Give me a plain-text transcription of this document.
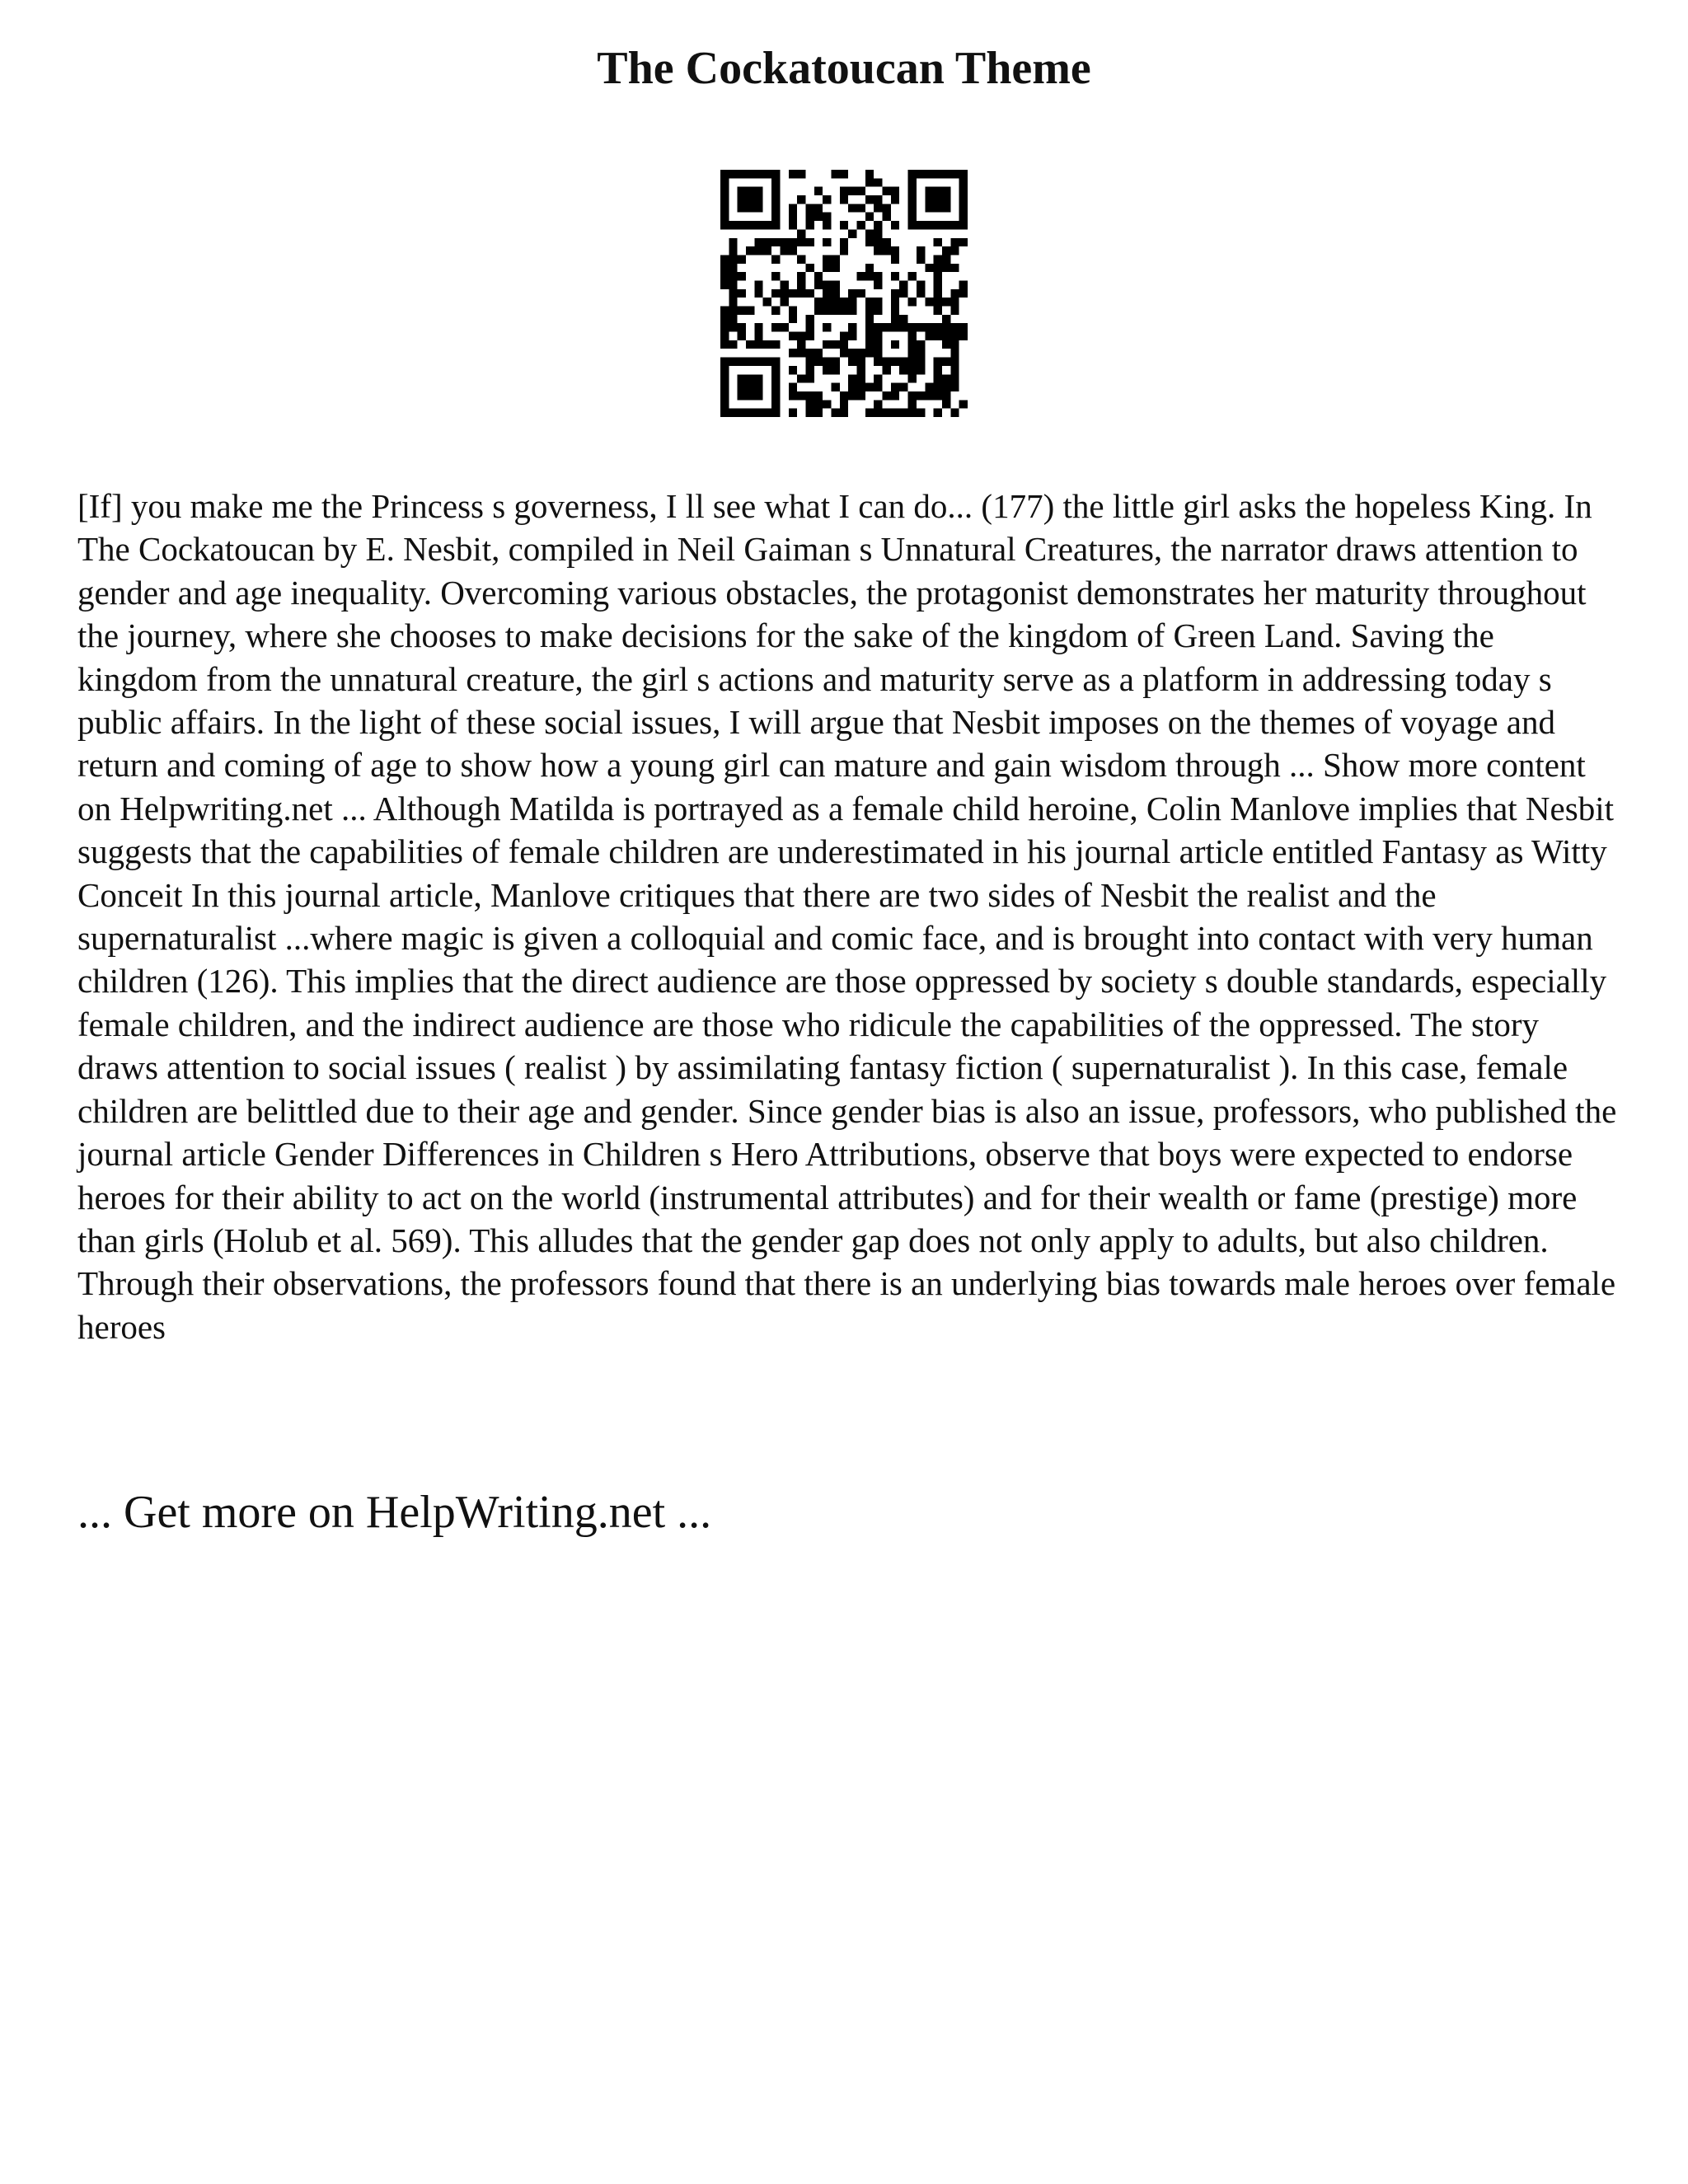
The Cockatoucan Theme

[If] you make me the Princess s governess, I ll see what I can do... (177) the little girl asks the hopeless King. In The Cockatoucan by E. Nesbit, compiled in Neil Gaiman s Unnatural Creatures, the narrator draws attention to gender and age inequality. Overcoming various obstacles, the protagonist demonstrates her maturity throughout the journey, where she chooses to make decisions for the sake of the kingdom of Green Land. Saving the kingdom from the unnatural creature, the girl s actions and maturity serve as a platform in addressing today s public affairs. In the light of these social issues, I will argue that Nesbit imposes on the themes of voyage and return and coming of age to show how a young girl can mature and gain wisdom through ... Show more content on Helpwriting.net ... Although Matilda is portrayed as a female child heroine, Colin Manlove implies that Nesbit suggests that the capabilities of female children are underestimated in his journal article entitled Fantasy as Witty Conceit In this journal article, Manlove critiques that there are two sides of Nesbit the realist and the supernaturalist ...where magic is given a colloquial and comic face, and is brought into contact with very human children (126). This implies that the direct audience are those oppressed by society s double standards, especially female children, and the indirect audience are those who ridicule the capabilities of the oppressed. The story draws attention to social issues ( realist ) by assimilating fantasy fiction ( supernaturalist ). In this case, female children are belittled due to their age and gender. Since gender bias is also an issue, professors, who published the journal article Gender Differences in Children s Hero Attributions, observe that boys were expected to endorse heroes for their ability to act on the world (instrumental attributes) and for their wealth or fame (prestige) more than girls (Holub et al. 569). This alludes that the gender gap does not only apply to adults, but also children. Through their observations, the professors found that there is an underlying bias towards male heroes over female heroes

... Get more on HelpWriting.net ...
